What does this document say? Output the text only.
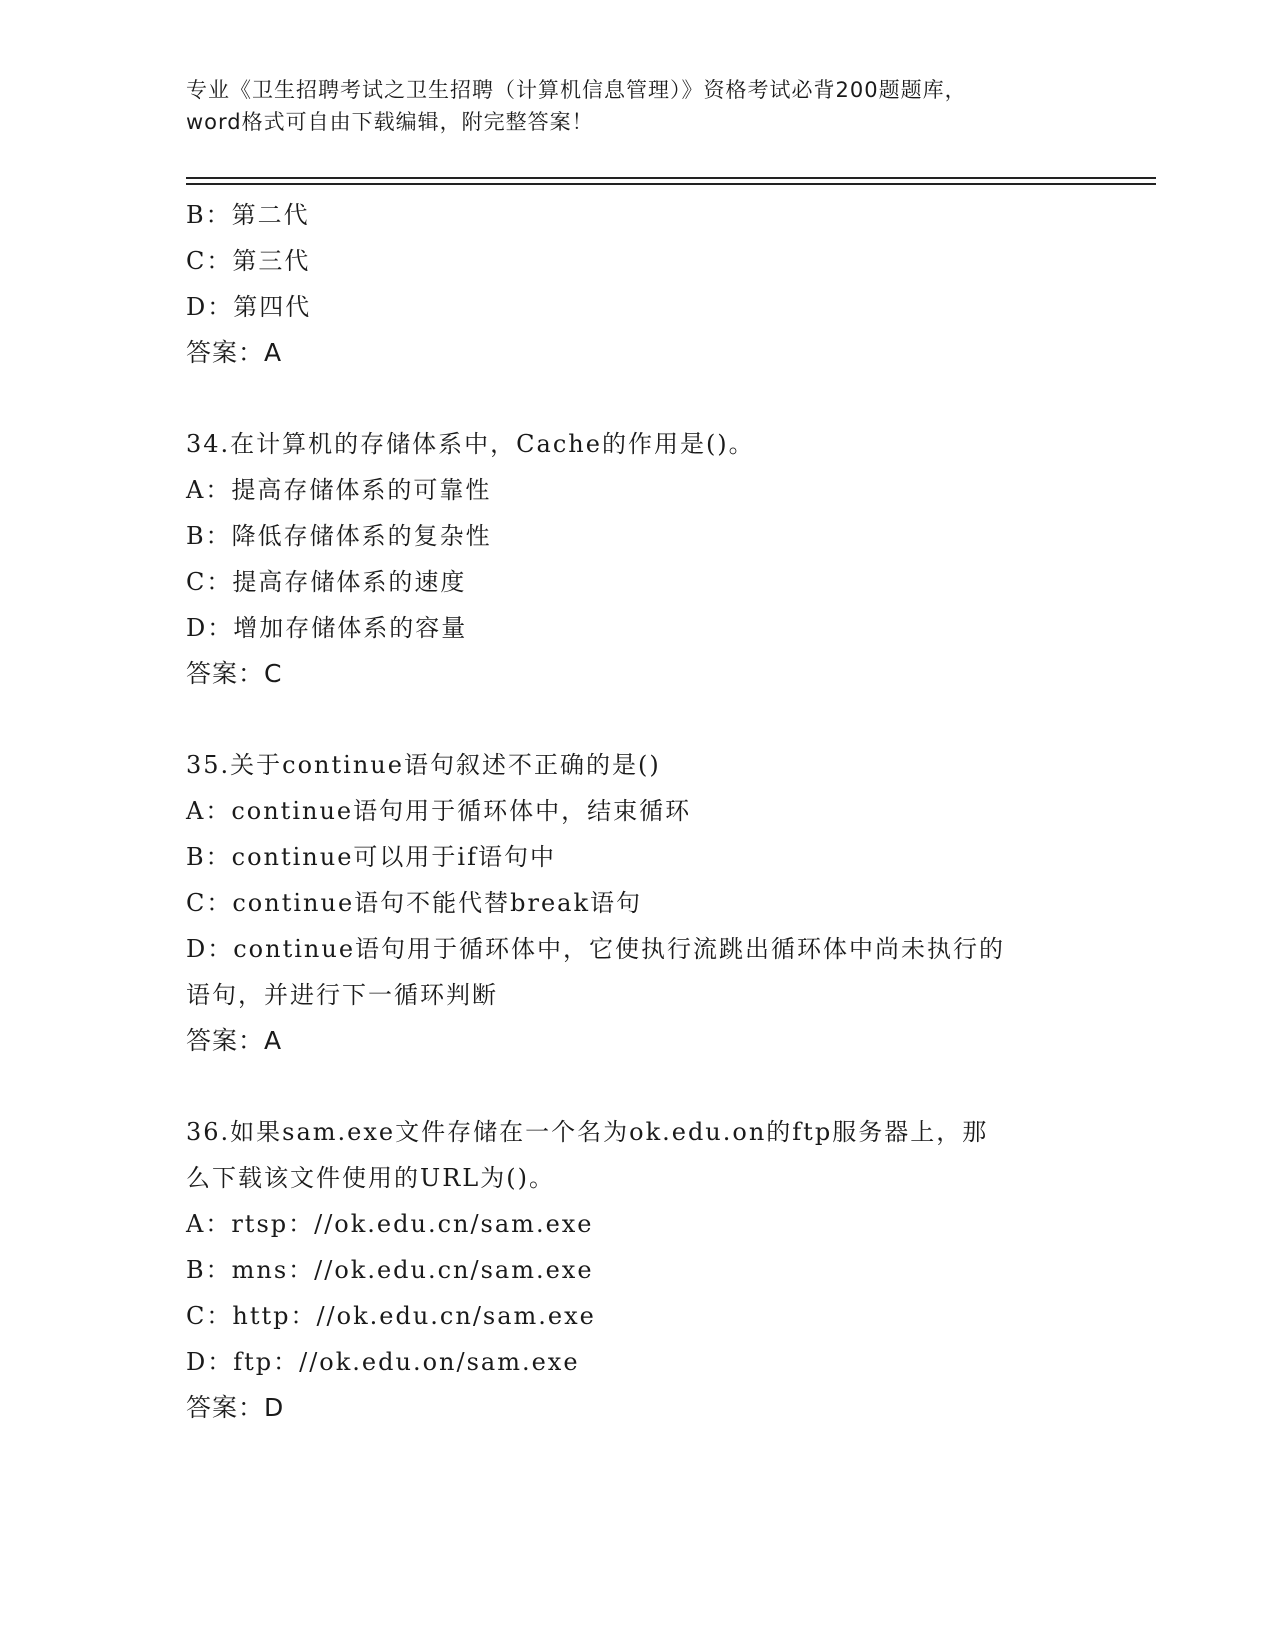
专业《卫生招聘考试之卫生招聘（计算机信息管理）》资格考试必背200题题库，
word格式可自由下载编辑，附完整答案！
B：第二代
C：第三代
D：第四代
答案：A
34.在计算机的存储体系中，Cache的作用是()。
A：提高存储体系的可靠性
B：降低存储体系的复杂性
C：提高存储体系的速度
D：增加存储体系的容量
答案：C
35.关于continue语句叙述不正确的是()
A：continue语句用于循环体中，结束循环
B：continue可以用于if语句中
C：continue语句不能代替break语句
D：continue语句用于循环体中，它使执行流跳出循环体中尚未执行的
语句，并进行下一循环判断
答案：A
36.如果sam.exe文件存储在一个名为ok.edu.on的ftp服务器上，那
么下载该文件使用的URL为()。
A：rtsp：//ok.edu.cn/sam.exe
B：mns：//ok.edu.cn/sam.exe
C：http：//ok.edu.cn/sam.exe
D：ftp：//ok.edu.on/sam.exe
答案：D
